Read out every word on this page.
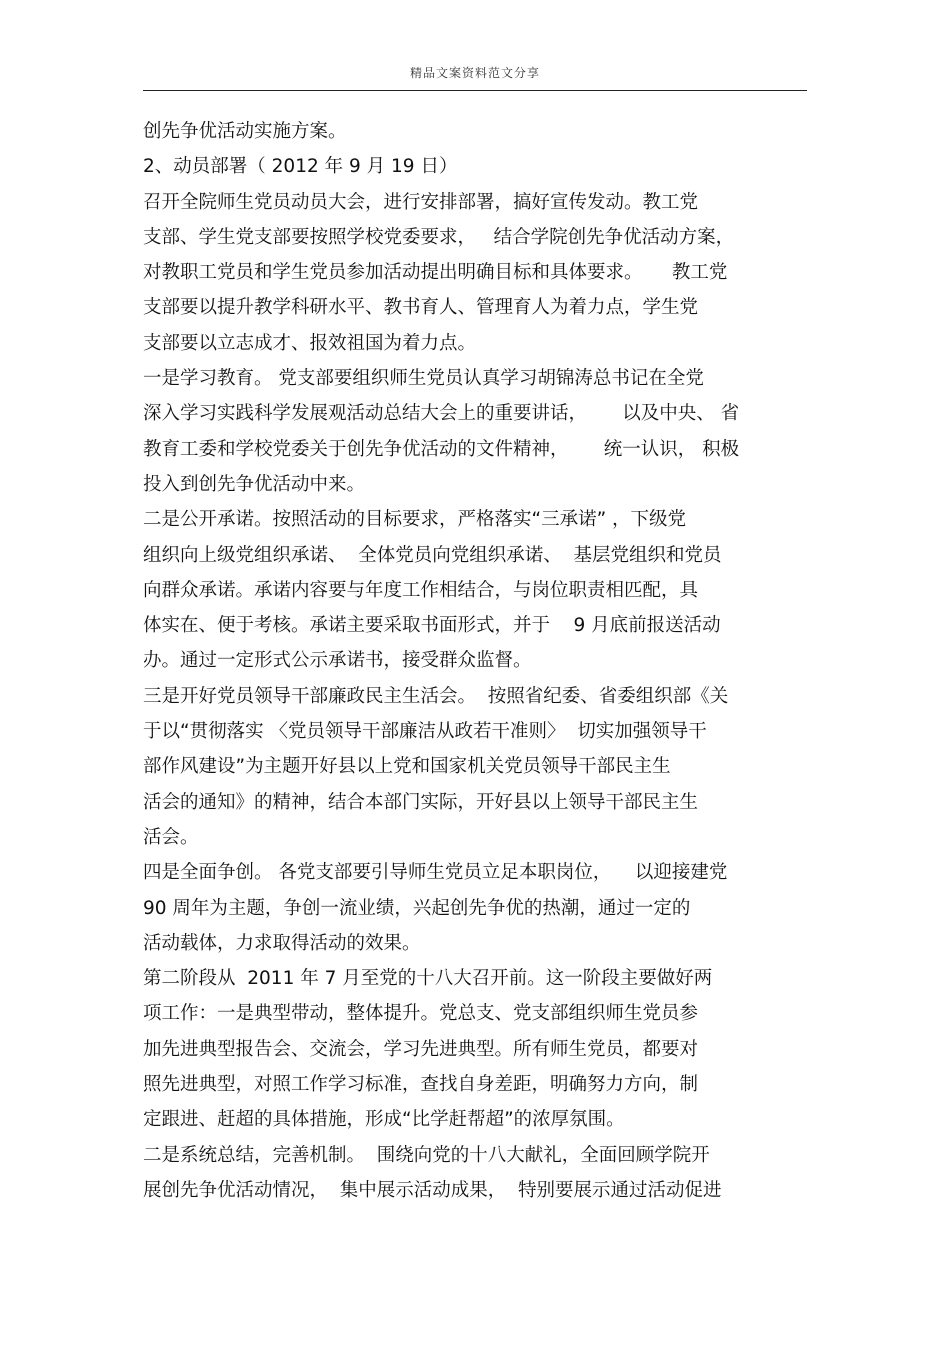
精品文案资料范文分享
创先争优活动实施方案。
2、动员部署（ 2012 年 9 月 19 日）
召开全院师生党员动员大会，进行安排部署，搞好宣传发动。教工党
支部、学生党支部要按照学校党委要求，   结合学院创先争优活动方案，
对教职工党员和学生党员参加活动提出明确目标和具体要求。     教工党
支部要以提升教学科研水平、教书育人、管理育人为着力点，学生党
支部要以立志成才、报效祖国为着力点。
一是学习教育。 党支部要组织师生党员认真学习胡锦涛总书记在全党
深入学习实践科学发展观活动总结大会上的重要讲话，      以及中央、 省
教育工委和学校党委关于创先争优活动的文件精神，      统一认识， 积极
投入到创先争优活动中来。
二是公开承诺。按照活动的目标要求，严格落实“三承诺” ，下级党
组织向上级党组织承诺、  全体党员向党组织承诺、  基层党组织和党员
向群众承诺。承诺内容要与年度工作相结合，与岗位职责相匹配，具
体实在、便于考核。承诺主要采取书面形式，并于    9 月底前报送活动
办。通过一定形式公示承诺书，接受群众监督。
三是开好党员领导干部廉政民主生活会。  按照省纪委、省委组织部《关
于以“贯彻落实 〈党员领导干部廉洁从政若干准则〉  切实加强领导干
部作风建设”为主题开好县以上党和国家机关党员领导干部民主生
活会的通知》的精神，结合本部门实际，开好县以上领导干部民主生
活会。
四是全面争创。 各党支部要引导师生党员立足本职岗位，    以迎接建党
90 周年为主题，争创一流业绩，兴起创先争优的热潮，通过一定的
活动载体，力求取得活动的效果。
第二阶段从  2011 年 7 月至党的十八大召开前。这一阶段主要做好两
项工作：一是典型带动，整体提升。党总支、党支部组织师生党员参
加先进典型报告会、交流会，学习先进典型。所有师生党员，都要对
照先进典型，对照工作学习标准，查找自身差距，明确努力方向，制
定跟进、赶超的具体措施，形成“比学赶帮超”的浓厚氛围。
二是系统总结，完善机制。  围绕向党的十八大献礼，全面回顾学院开
展创先争优活动情况，  集中展示活动成果，  特别要展示通过活动促进
